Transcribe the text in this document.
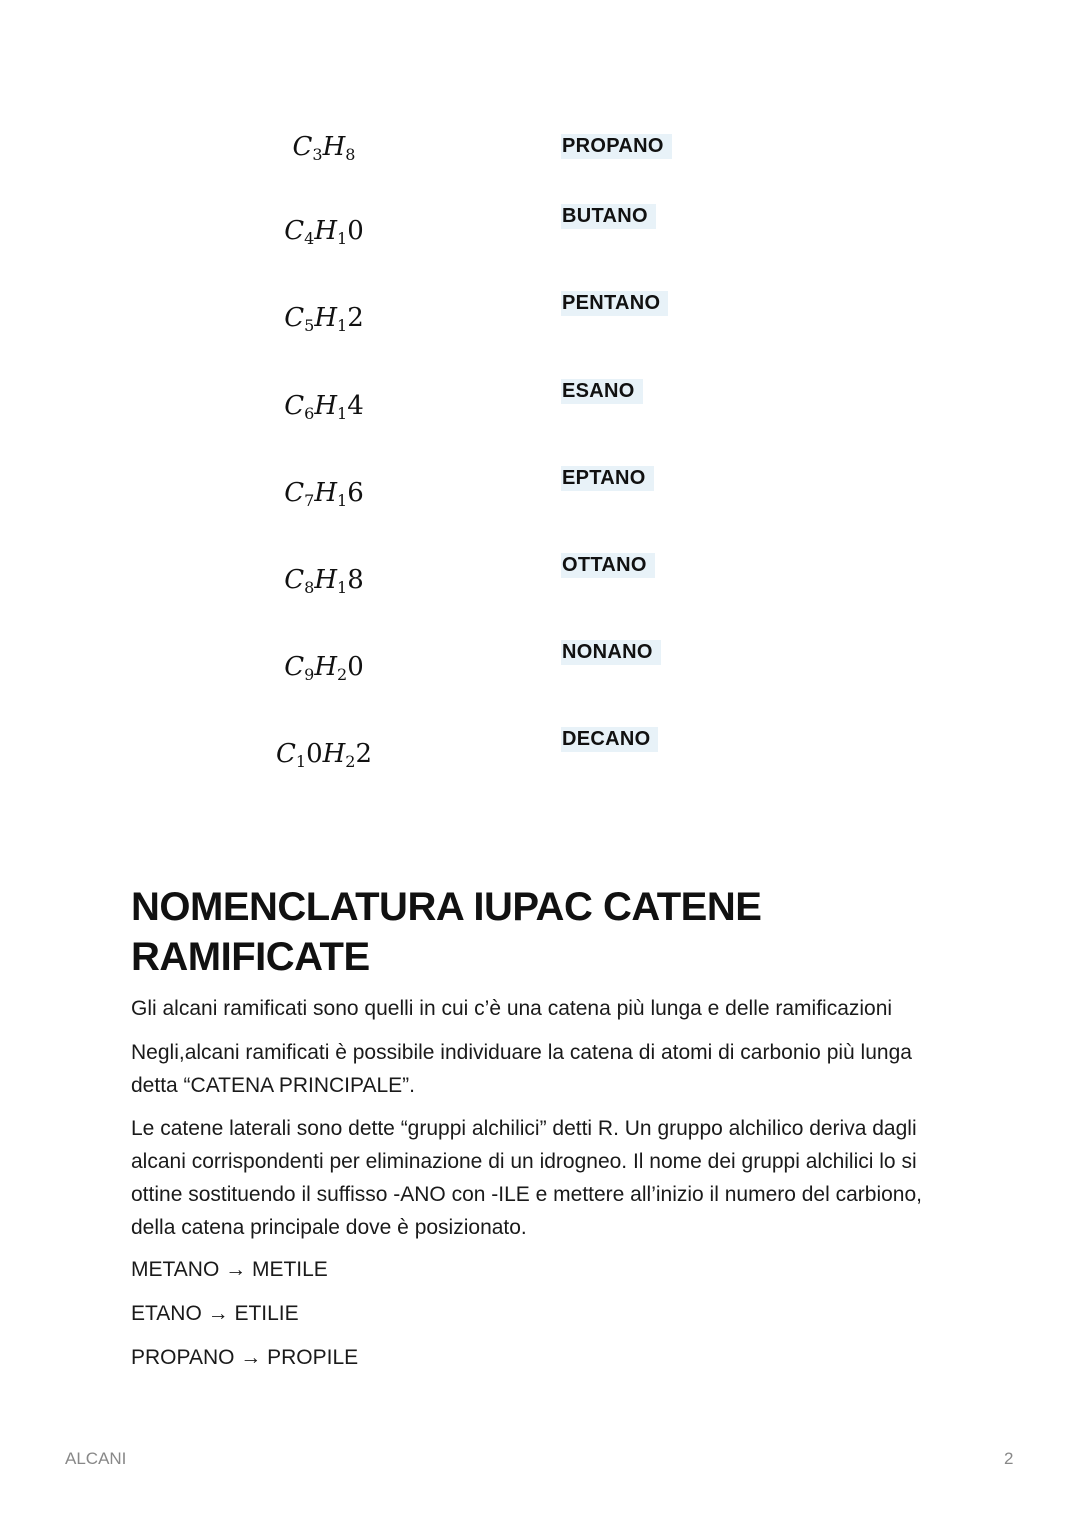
$C_3H_8$	PROPANO
$C_4H_10$	BUTANO
$C_5H_12$	PENTANO
$C_6H_14$	ESANO
$C_7H_16$	EPTANO
$C_8H_18$	OTTANO
$C_9H_20$	NONANO
$C_10H_22$	DECANO
NOMENCLATURA IUPAC CATENE
RAMIFICATE

Gli alcani ramificati sono quelli in cui c’è una catena più lunga e delle ramificazioni

Negli,alcani ramificati è possibile individuare la catena di atomi di carbonio più lunga detta “CATENA PRINCIPALE”.

Le catene laterali sono dette “gruppi alchilici” detti R. Un gruppo alchilico deriva dagli alcani corrispondenti per eliminazione di un idrogneo. Il nome dei gruppi alchilici lo si ottine sostituendo il suffisso -ANO con -ILE e mettere all’inizio il numero del carbiono, della catena principale dove è posizionato.

METANO → METILE

ETANO → ETILIE

PROPANO → PROPILE

ALCANI	2
